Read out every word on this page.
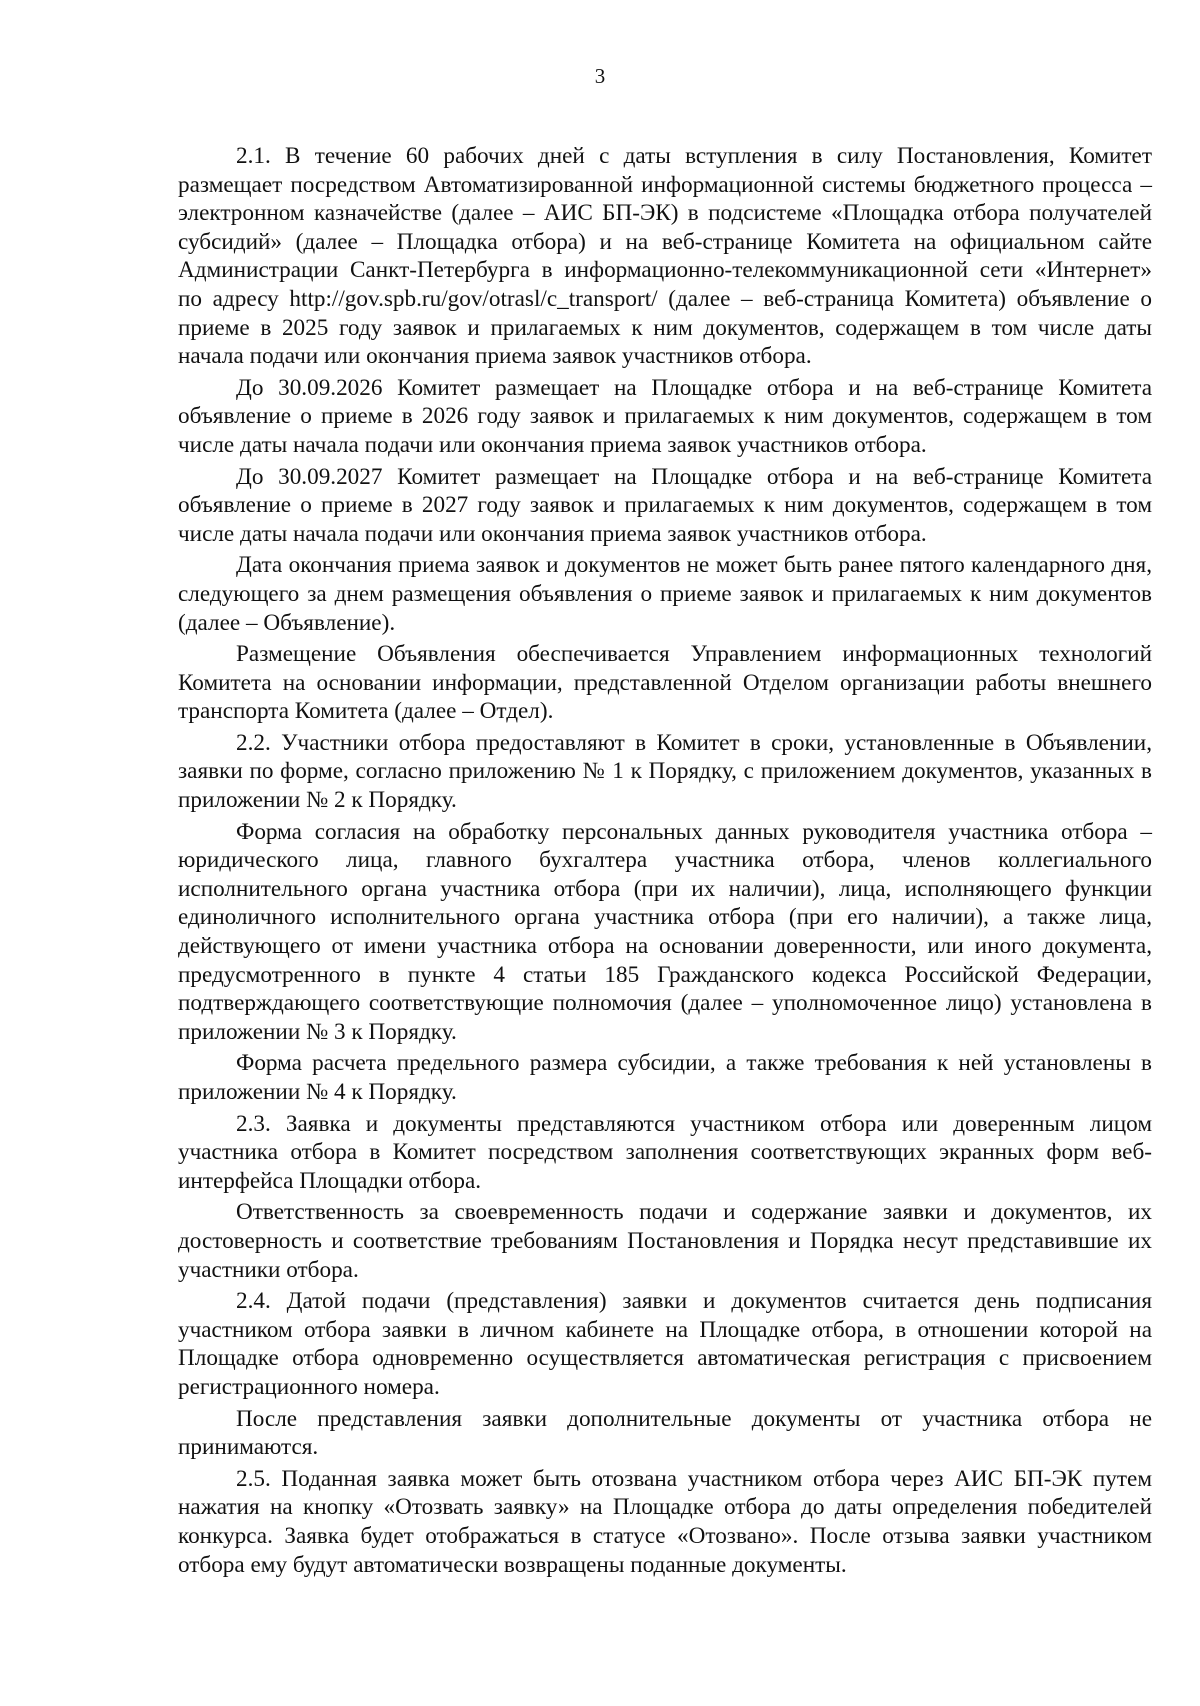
3

2.1. В течение 60 рабочих дней с даты вступления в силу Постановления, Комитет размещает посредством Автоматизированной информационной системы бюджетного процесса – электронном казначействе (далее – АИС БП-ЭК) в подсистеме «Площадка отбора получателей субсидий» (далее – Площадка отбора) и на веб-странице Комитета на официальном сайте Администрации Санкт-Петербурга в информационно-телекоммуникационной сети «Интернет» по адресу http://gov.spb.ru/gov/otrasl/c_transport/ (далее – веб-страница Комитета) объявление о приеме в 2025 году заявок и прилагаемых к ним документов, содержащем в том числе даты начала подачи или окончания приема заявок участников отбора.

До 30.09.2026 Комитет размещает на Площадке отбора и на веб-странице Комитета объявление о приеме в 2026 году заявок и прилагаемых к ним документов, содержащем в том числе даты начала подачи или окончания приема заявок участников отбора.

До 30.09.2027 Комитет размещает на Площадке отбора и на веб-странице Комитета объявление о приеме в 2027 году заявок и прилагаемых к ним документов, содержащем в том числе даты начала подачи или окончания приема заявок участников отбора.

Дата окончания приема заявок и документов не может быть ранее пятого календарного дня, следующего за днем размещения объявления о приеме заявок и прилагаемых к ним документов (далее – Объявление).

Размещение Объявления обеспечивается Управлением информационных технологий Комитета на основании информации, представленной Отделом организации работы внешнего транспорта Комитета (далее – Отдел).

2.2. Участники отбора предоставляют в Комитет в сроки, установленные в Объявлении, заявки по форме, согласно приложению № 1 к Порядку, с приложением документов, указанных в приложении № 2 к Порядку.

Форма согласия на обработку персональных данных руководителя участника отбора – юридического лица, главного бухгалтера участника отбора, членов коллегиального исполнительного органа участника отбора (при их наличии), лица, исполняющего функции единоличного исполнительного органа участника отбора (при его наличии), а также лица, действующего от имени участника отбора на основании доверенности, или иного документа, предусмотренного в пункте 4 статьи 185 Гражданского кодекса Российской Федерации, подтверждающего соответствующие полномочия (далее – уполномоченное лицо) установлена в приложении № 3 к Порядку.

Форма расчета предельного размера субсидии, а также требования к ней установлены в приложении № 4 к Порядку.

2.3. Заявка и документы представляются участником отбора или доверенным лицом участника отбора в Комитет посредством заполнения соответствующих экранных форм веб-интерфейса Площадки отбора.

Ответственность за своевременность подачи и содержание заявки и документов, их достоверность и соответствие требованиям Постановления и Порядка несут представившие их участники отбора.

2.4. Датой подачи (представления) заявки и документов считается день подписания участником отбора заявки в личном кабинете на Площадке отбора, в отношении которой на Площадке отбора одновременно осуществляется автоматическая регистрация с присвоением регистрационного номера.

После представления заявки дополнительные документы от участника отбора не принимаются.

2.5. Поданная заявка может быть отозвана участником отбора через АИС БП-ЭК путем нажатия на кнопку «Отозвать заявку» на Площадке отбора до даты определения победителей конкурса. Заявка будет отображаться в статусе «Отозвано». После отзыва заявки участником отбора ему будут автоматически возвращены поданные документы.
